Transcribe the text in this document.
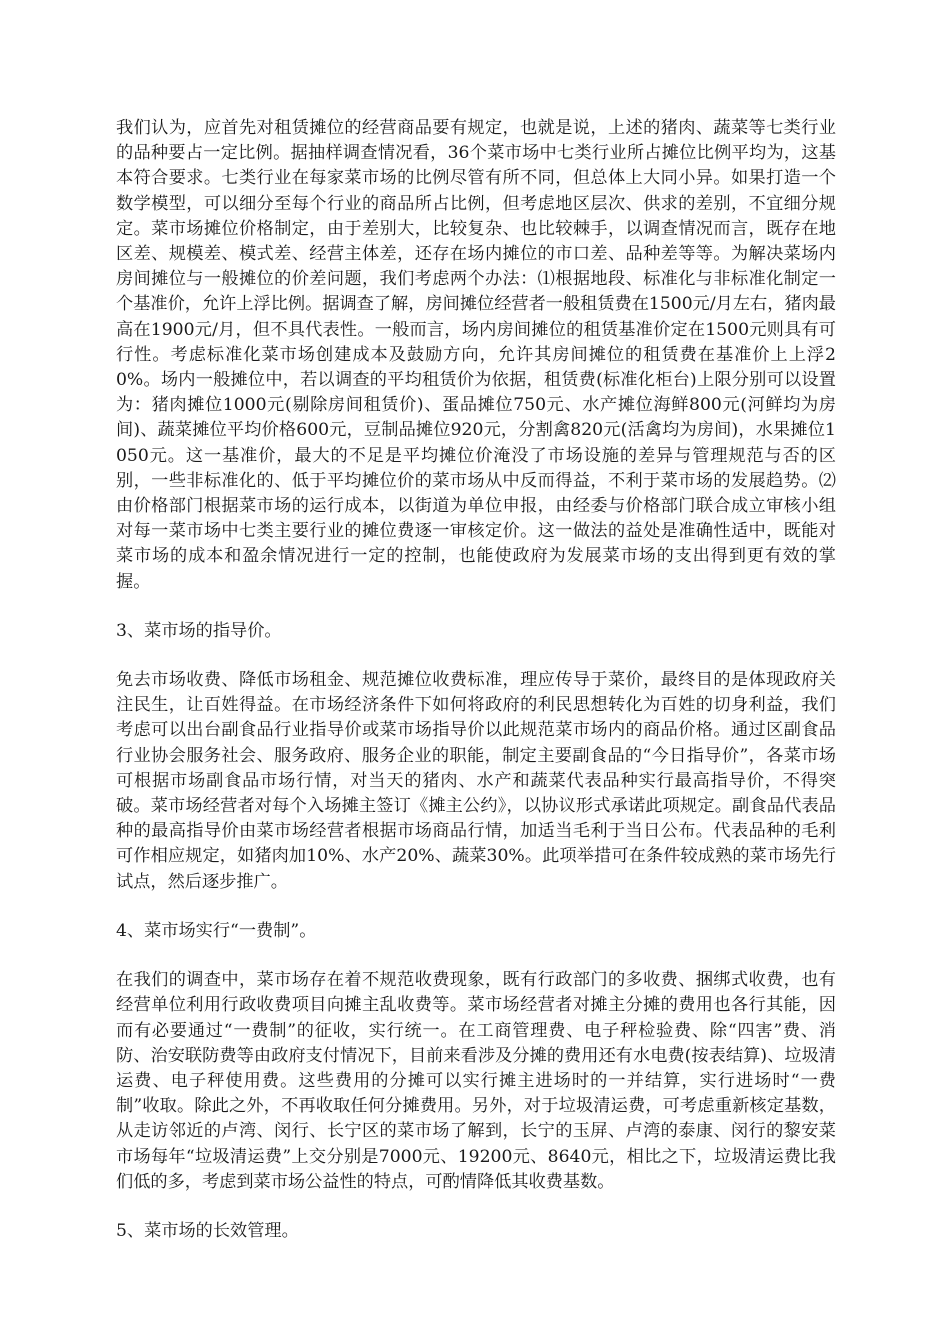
我们认为，应首先对租赁摊位的经营商品要有规定，也就是说，上述的猪肉、蔬菜等七类行业的品种要占一定比例。据抽样调查情况看，36个菜市场中七类行业所占摊位比例平均为，这基本符合要求。七类行业在每家菜市场的比例尽管有所不同，但总体上大同小异。如果打造一个数学模型，可以细分至每个行业的商品所占比例，但考虑地区层次、供求的差别，不宜细分规定。菜市场摊位价格制定，由于差别大，比较复杂、也比较棘手，以调查情况而言，既存在地区差、规模差、模式差、经营主体差，还存在场内摊位的市口差、品种差等等。为解决菜场内房间摊位与一般摊位的价差问题，我们考虑两个办法：⑴根据地段、标准化与非标准化制定一个基准价，允许上浮比例。据调查了解，房间摊位经营者一般租赁费在1500元/月左右，猪肉最高在1900元/月，但不具代表性。一般而言，场内房间摊位的租赁基准价定在1500元则具有可行性。考虑标准化菜市场创建成本及鼓励方向，允许其房间摊位的租赁费在基准价上上浮20%。场内一般摊位中，若以调查的平均租赁价为依据，租赁费(标准化柜台)上限分别可以设置为：猪肉摊位1000元(剔除房间租赁价)、蛋品摊位750元、水产摊位海鲜800元(河鲜均为房间)、蔬菜摊位平均价格600元，豆制品摊位920元，分割禽820元(活禽均为房间)，水果摊位1050元。这一基准价，最大的不足是平均摊位价淹没了市场设施的差异与管理规范与否的区别，一些非标准化的、低于平均摊位价的菜市场从中反而得益，不利于菜市场的发展趋势。⑵由价格部门根据菜市场的运行成本，以街道为单位申报，由经委与价格部门联合成立审核小组对每一菜市场中七类主要行业的摊位费逐一审核定价。这一做法的益处是准确性适中，既能对菜市场的成本和盈余情况进行一定的控制，也能使政府为发展菜市场的支出得到更有效的掌握。

3、菜市场的指导价。

免去市场收费、降低市场租金、规范摊位收费标准，理应传导于菜价，最终目的是体现政府关注民生，让百姓得益。在市场经济条件下如何将政府的利民思想转化为百姓的切身利益，我们考虑可以出台副食品行业指导价或菜市场指导价以此规范菜市场内的商品价格。通过区副食品行业协会服务社会、服务政府、服务企业的职能，制定主要副食品的“今日指导价”，各菜市场可根据市场副食品市场行情，对当天的猪肉、水产和蔬菜代表品种实行最高指导价，不得突破。菜市场经营者对每个入场摊主签订《摊主公约》，以协议形式承诺此项规定。副食品代表品种的最高指导价由菜市场经营者根据市场商品行情，加适当毛利于当日公布。代表品种的毛利可作相应规定，如猪肉加10%、水产20%、蔬菜30%。此项举措可在条件较成熟的菜市场先行试点，然后逐步推广。

4、菜市场实行“一费制”。

在我们的调查中，菜市场存在着不规范收费现象，既有行政部门的多收费、捆绑式收费，也有经营单位利用行政收费项目向摊主乱收费等。菜市场经营者对摊主分摊的费用也各行其能，因而有必要通过“一费制”的征收，实行统一。在工商管理费、电子秤检验费、除“四害”费、消防、治安联防费等由政府支付情况下，目前来看涉及分摊的费用还有水电费(按表结算)、垃圾清运费、电子秤使用费。这些费用的分摊可以实行摊主进场时的一并结算，实行进场时“一费制”收取。除此之外，不再收取任何分摊费用。另外，对于垃圾清运费，可考虑重新核定基数，从走访邻近的卢湾、闵行、长宁区的菜市场了解到，长宁的玉屏、卢湾的泰康、闵行的黎安菜市场每年“垃圾清运费”上交分别是7000元、19200元、8640元，相比之下，垃圾清运费比我们低的多，考虑到菜市场公益性的特点，可酌情降低其收费基数。

5、菜市场的长效管理。
